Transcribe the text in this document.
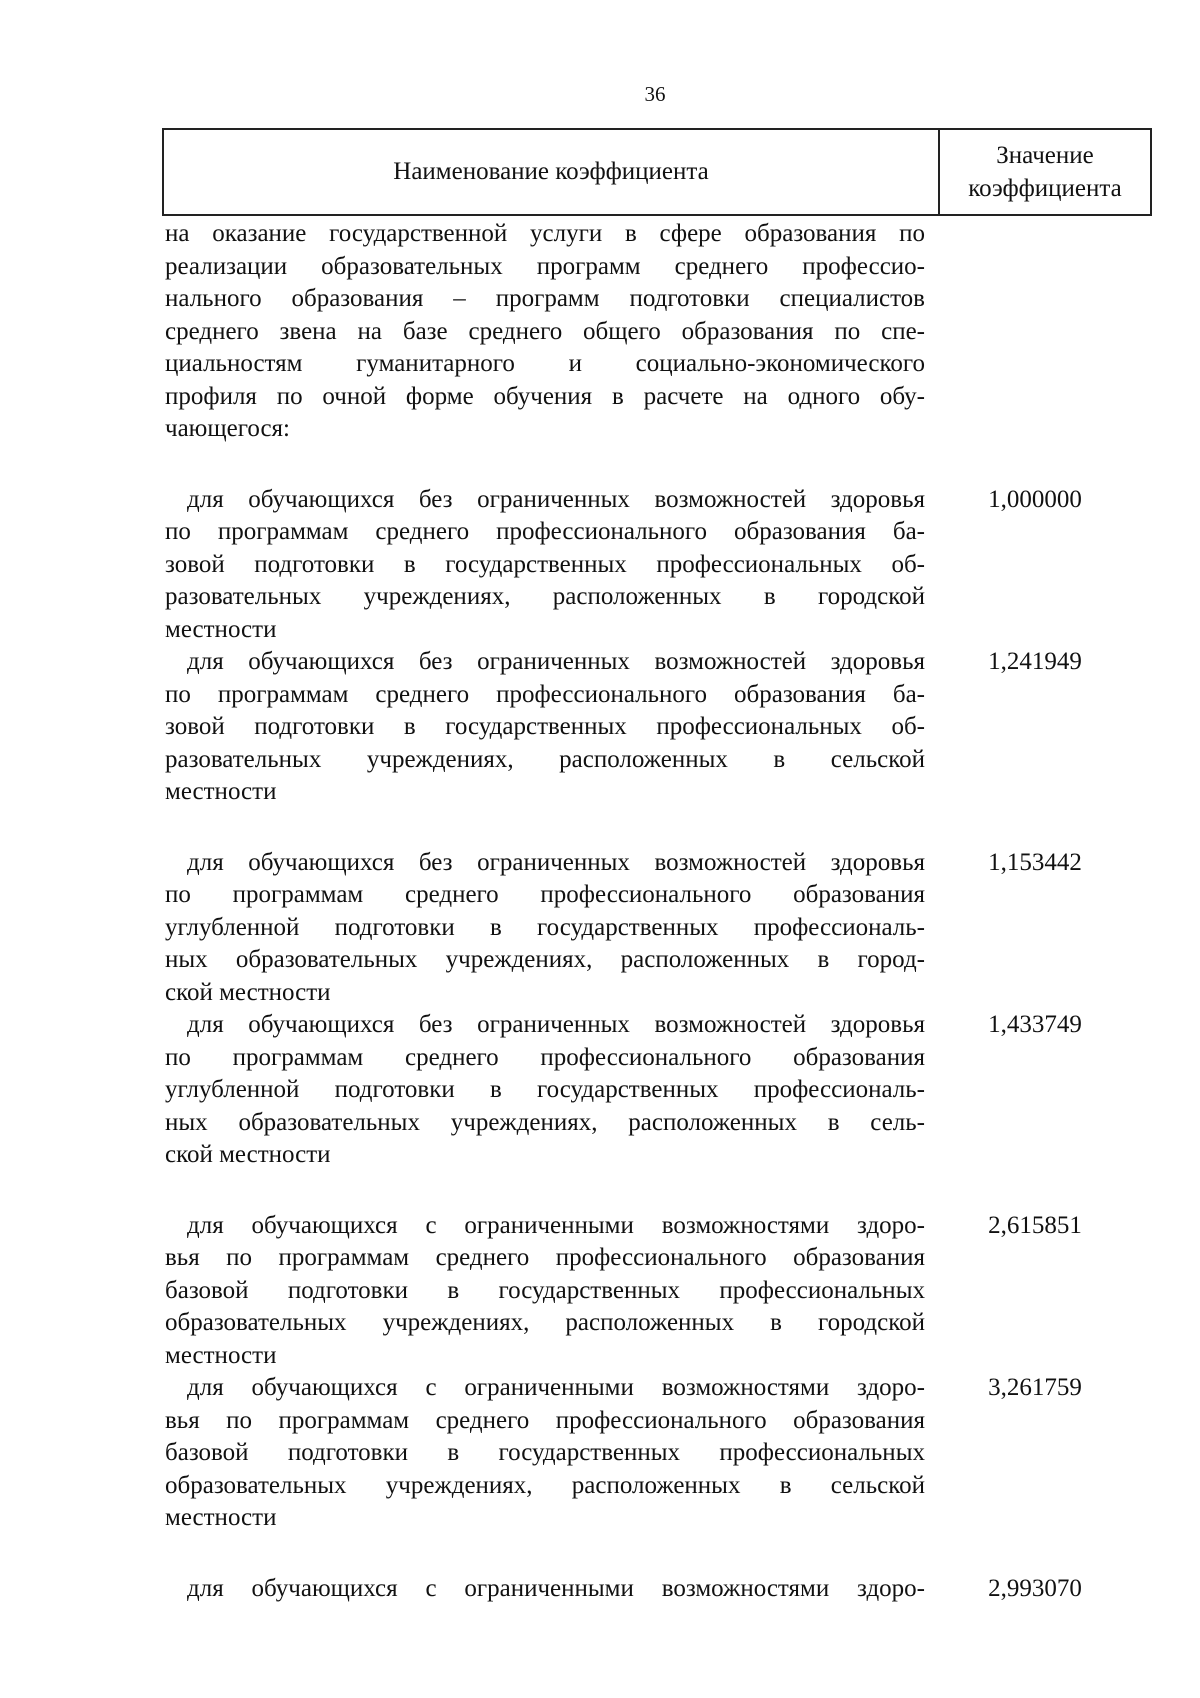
36
Наименование коэффициента
Значение коэффициента
на оказание государственной услуги в сфере образования по
реализации образовательных программ среднего профессио-
нального образования – программ подготовки специалистов
среднего звена на базе среднего общего образования по спе-
циальностям гуманитарного и социально-экономического
профиля по очной форме обучения в расчете на одного обу-
чающегося:
для обучающихся без ограниченных возможностей здоровья
по программам среднего профессионального образования ба-
зовой подготовки в государственных профессиональных об-
разовательных учреждениях, расположенных в городской
местности
1,000000
для обучающихся без ограниченных возможностей здоровья
по программам среднего профессионального образования ба-
зовой подготовки в государственных профессиональных об-
разовательных учреждениях, расположенных в сельской
местности
1,241949
для обучающихся без ограниченных возможностей здоровья
по программам среднего профессионального образования
углубленной подготовки в государственных профессиональ-
ных образовательных учреждениях, расположенных в город-
ской местности
1,153442
для обучающихся без ограниченных возможностей здоровья
по программам среднего профессионального образования
углубленной подготовки в государственных профессиональ-
ных образовательных учреждениях, расположенных в сель-
ской местности
1,433749
для обучающихся с ограниченными возможностями здоро-
вья по программам среднего профессионального образования
базовой подготовки в государственных профессиональных
образовательных учреждениях, расположенных в городской
местности
2,615851
для обучающихся с ограниченными возможностями здоро-
вья по программам среднего профессионального образования
базовой подготовки в государственных профессиональных
образовательных учреждениях, расположенных в сельской
местности
3,261759
для обучающихся с ограниченными возможностями здоро-	2,993070
